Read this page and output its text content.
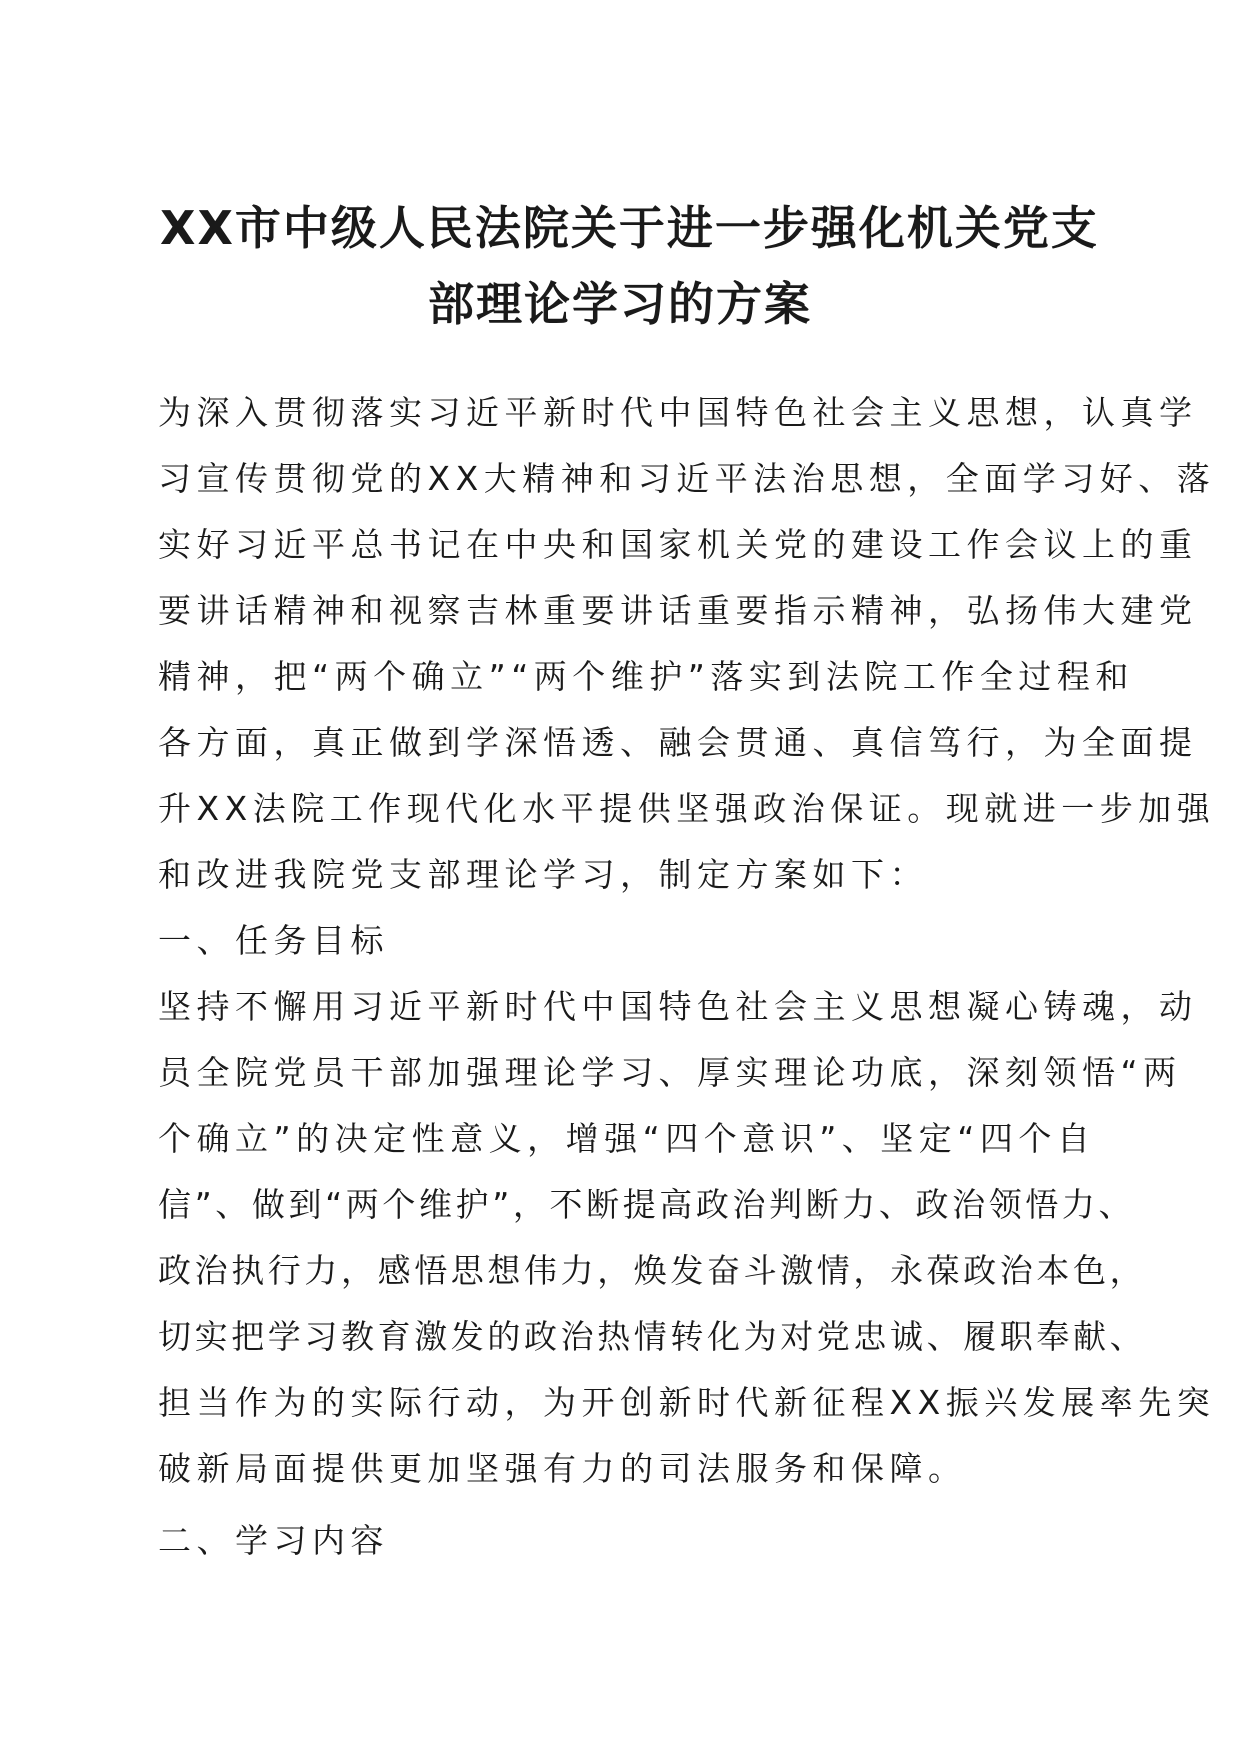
XX市中级人民法院关于进一步强化机关党支
部理论学习的方案
为深入贯彻落实习近平新时代中国特色社会主义思想，认真学
习宣传贯彻党的XX大精神和习近平法治思想，全面学习好、落
实好习近平总书记在中央和国家机关党的建设工作会议上的重
要讲话精神和视察吉林重要讲话重要指示精神，弘扬伟大建党
精神，把“两个确立”“两个维护”落实到法院工作全过程和
各方面，真正做到学深悟透、融会贯通、真信笃行，为全面提
升XX法院工作现代化水平提供坚强政治保证。现就进一步加强
和改进我院党支部理论学习，制定方案如下：
一、任务目标
坚持不懈用习近平新时代中国特色社会主义思想凝心铸魂，动
员全院党员干部加强理论学习、厚实理论功底，深刻领悟“两
个确立”的决定性意义，增强“四个意识”、坚定“四个自
信”、做到“两个维护”，不断提高政治判断力、政治领悟力、
政治执行力，感悟思想伟力，焕发奋斗激情，永葆政治本色，
切实把学习教育激发的政治热情转化为对党忠诚、履职奉献、
担当作为的实际行动，为开创新时代新征程XX振兴发展率先突
破新局面提供更加坚强有力的司法服务和保障。
二、学习内容
